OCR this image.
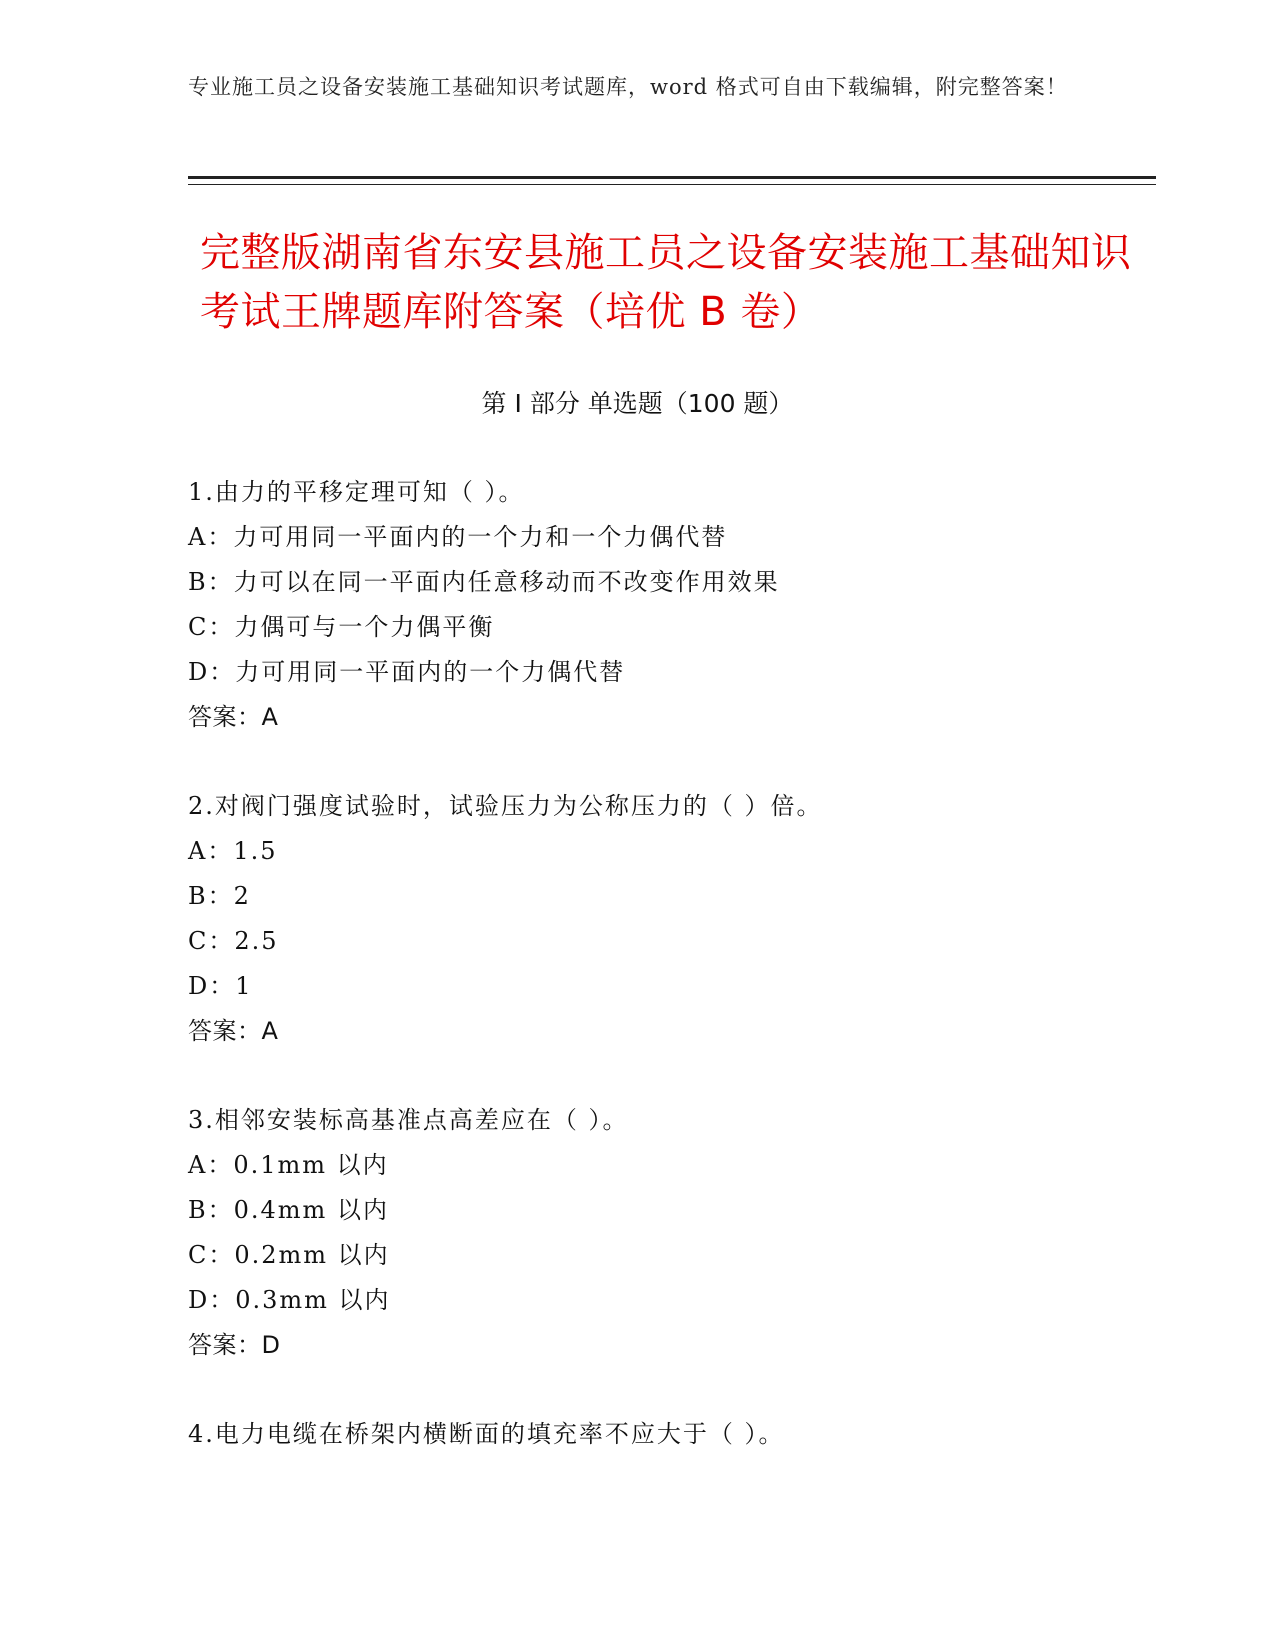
专业施工员之设备安装施工基础知识考试题库，word 格式可自由下载编辑，附完整答案！
完整版湖南省东安县施工员之设备安装施工基础知识考试王牌题库附答案（培优 B 卷）
第 I 部分 单选题（100 题）
1.由力的平移定理可知（ ）。
A：力可用同一平面内的一个力和一个力偶代替
B：力可以在同一平面内任意移动而不改变作用效果
C：力偶可与一个力偶平衡
D：力可用同一平面内的一个力偶代替
答案：A
2.对阀门强度试验时，试验压力为公称压力的（ ）倍。
A：1.5
B：2
C：2.5
D：1
答案：A
3.相邻安装标高基准点高差应在（ ）。
A：0.1mm 以内
B：0.4mm 以内
C：0.2mm 以内
D：0.3mm 以内
答案：D
4.电力电缆在桥架内横断面的填充率不应大于（ ）。
